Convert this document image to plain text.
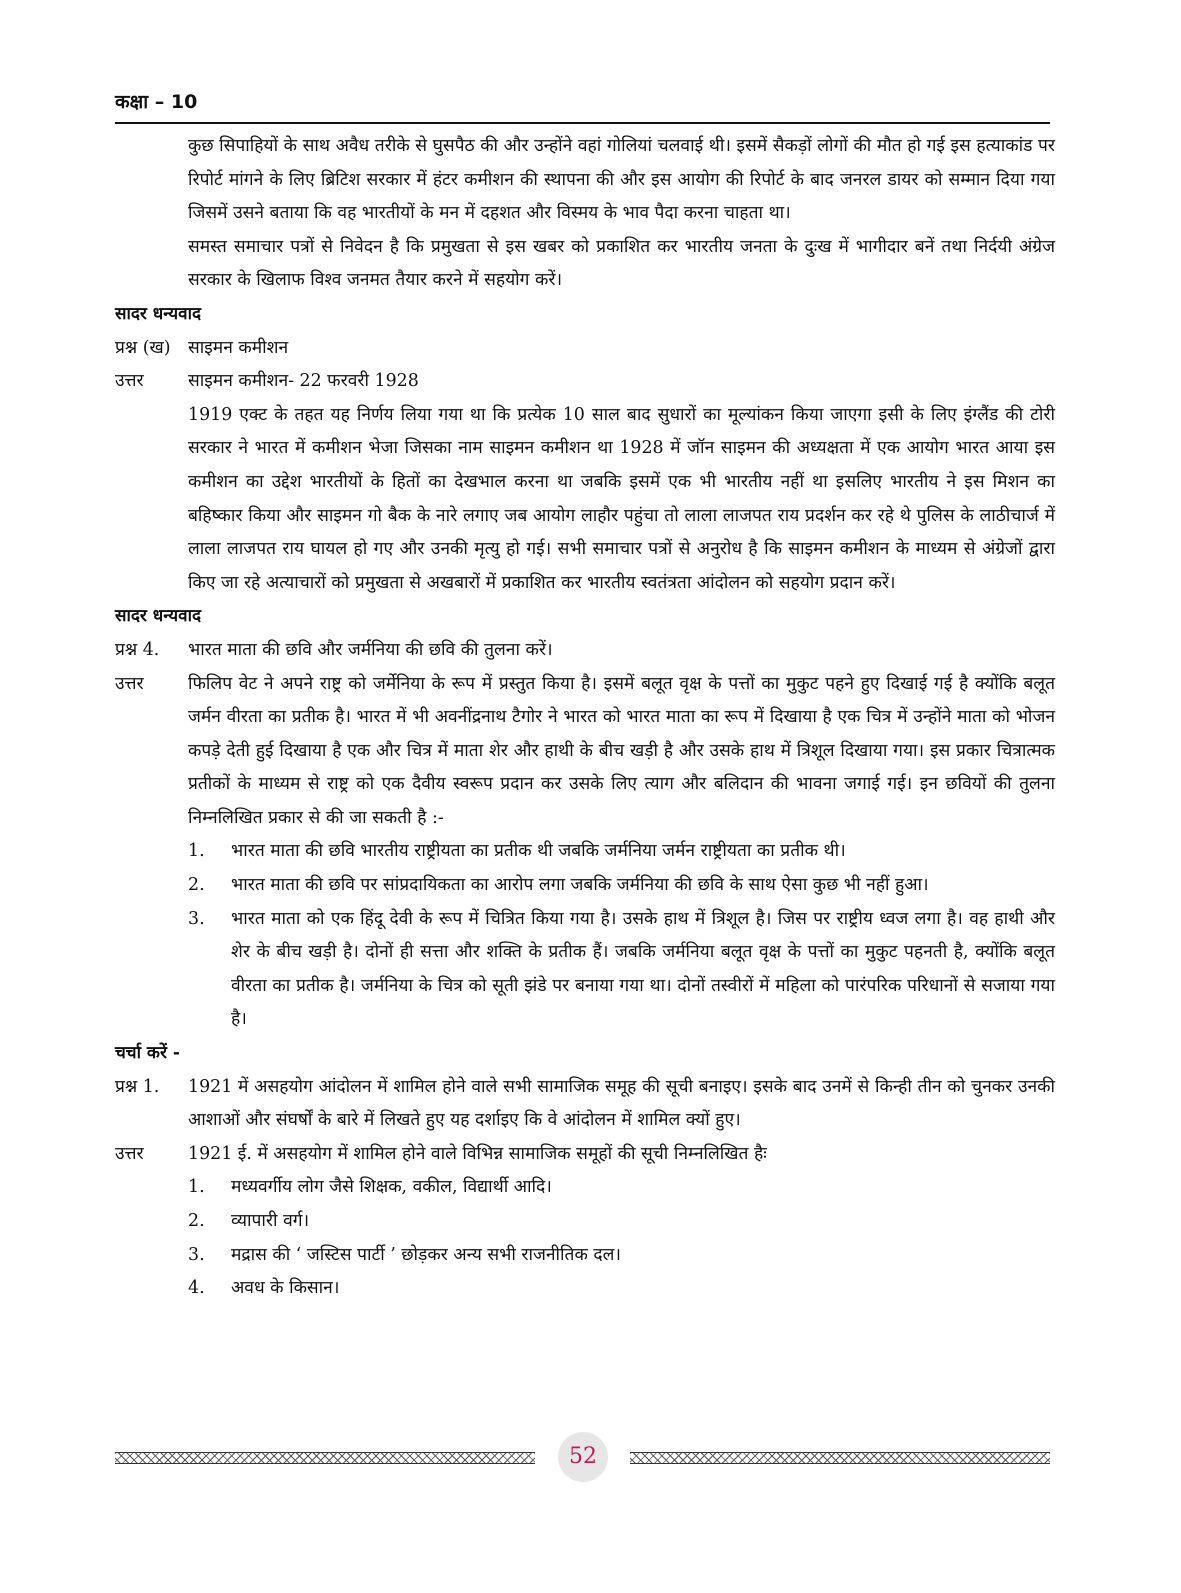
कक्षा – 10

कुछ सिपाहियों के साथ अवैध तरीके से घुसपैठ की और उन्होंने वहां गोलियां चलवाई थी। इसमें सैकड़ों लोगों की मौत हो गई इस हत्याकांड पर रिपोर्ट मांगने के लिए ब्रिटिश सरकार में हंटर कमीशन की स्थापना की और इस आयोग की रिपोर्ट के बाद जनरल डायर को सम्मान दिया गया जिसमें उसने बताया कि वह भारतीयों के मन में दहशत और विस्मय के भाव पैदा करना चाहता था।

समस्त समाचार पत्रों से निवेदन है कि प्रमुखता से इस खबर को प्रकाशित कर भारतीय जनता के दुःख में भागीदार बनें तथा निर्दयी अंग्रेज सरकार के खिलाफ विश्व जनमत तैयार करने में सहयोग करें।

सादर धन्यवाद
प्रश्न (ख)	साइमन कमीशन
उत्तर	साइमन कमीशन- 22 फरवरी 1928

1919 एक्ट के तहत यह निर्णय लिया गया था कि प्रत्येक 10 साल बाद सुधारों का मूल्यांकन किया जाएगा इसी के लिए इंग्लैंड की टोरी सरकार ने भारत में कमीशन भेजा जिसका नाम साइमन कमीशन था 1928 में जॉन साइमन की अध्यक्षता में एक आयोग भारत आया इस कमीशन का उद्देश भारतीयों के हितों का देखभाल करना था जबकि इसमें एक भी भारतीय नहीं था इसलिए भारतीय ने इस मिशन का बहिष्कार किया और साइमन गो बैक के नारे लगाए जब आयोग लाहौर पहुंचा तो लाला लाजपत राय प्रदर्शन कर रहे थे पुलिस के लाठीचार्ज में लाला लाजपत राय घायल हो गए और उनकी मृत्यु हो गई। सभी समाचार पत्रों से अनुरोध है कि साइमन कमीशन के माध्यम से अंग्रेजों द्वारा किए जा रहे अत्याचारों को प्रमुखता से अखबारों में प्रकाशित कर भारतीय स्वतंत्रता आंदोलन को सहयोग प्रदान करें।

सादर धन्यवाद
प्रश्न 4.	भारत माता की छवि और जर्मनिया की छवि की तुलना करें।
उत्तर	फिलिप वेट ने अपने राष्ट्र को जर्मेनिया के रूप में प्रस्तुत किया है। इसमें बलूत वृक्ष के पत्तों का मुकुट पहने हुए दिखाई गई है क्योंकि बलूत जर्मन वीरता का प्रतीक है। भारत में भी अवनींद्रनाथ टैगोर ने भारत को भारत माता का रूप में दिखाया है एक चित्र में उन्होंने माता को भोजन कपड़े देती हुई दिखाया है एक और चित्र में माता शेर और हाथी के बीच खड़ी है और उसके हाथ में त्रिशूल दिखाया गया। इस प्रकार चित्रात्मक प्रतीकों के माध्यम से राष्ट्र को एक दैवीय स्वरूप प्रदान कर उसके लिए त्याग और बलिदान की भावना जगाई गई। इन छवियों की तुलना निम्नलिखित प्रकार से की जा सकती है :-
1.	भारत माता की छवि भारतीय राष्ट्रीयता का प्रतीक थी जबकि जर्मनिया जर्मन राष्ट्रीयता का प्रतीक थी।
2.	भारत माता की छवि पर सांप्रदायिकता का आरोप लगा जबकि जर्मनिया की छवि के साथ ऐसा कुछ भी नहीं हुआ।
3.	भारत माता को एक हिंदू देवी के रूप में चित्रित किया गया है। उसके हाथ में त्रिशूल है। जिस पर राष्ट्रीय ध्वज लगा है। वह हाथी और शेर के बीच खड़ी है। दोनों ही सत्ता और शक्ति के प्रतीक हैं। जबकि जर्मनिया बलूत वृक्ष के पत्तों का मुकुट पहनती है, क्योंकि बलूत वीरता का प्रतीक है। जर्मनिया के चित्र को सूती झंडे पर बनाया गया था। दोनों तस्वीरों में महिला को पारंपरिक परिधानों से सजाया गया है।
चर्चा करें -
प्रश्न 1.	1921 में असहयोग आंदोलन में शामिल होने वाले सभी सामाजिक समूह की सूची बनाइए। इसके बाद उनमें से किन्ही तीन को चुनकर उनकी आशाओं और संघर्षों के बारे में लिखते हुए यह दर्शाइए कि वे आंदोलन में शामिल क्यों हुए।
उत्तर	1921 ई. में असहयोग में शामिल होने वाले विभिन्न सामाजिक समूहों की सूची निम्नलिखित हैः
1.	मध्यवर्गीय लोग जैसे शिक्षक, वकील, विद्यार्थी आदि।
2.	व्यापारी वर्ग।
3.	मद्रास की ‘ जस्टिस पार्टी ’ छोड़कर अन्य सभी राजनीतिक दल।
4.	अवध के किसान।
52
